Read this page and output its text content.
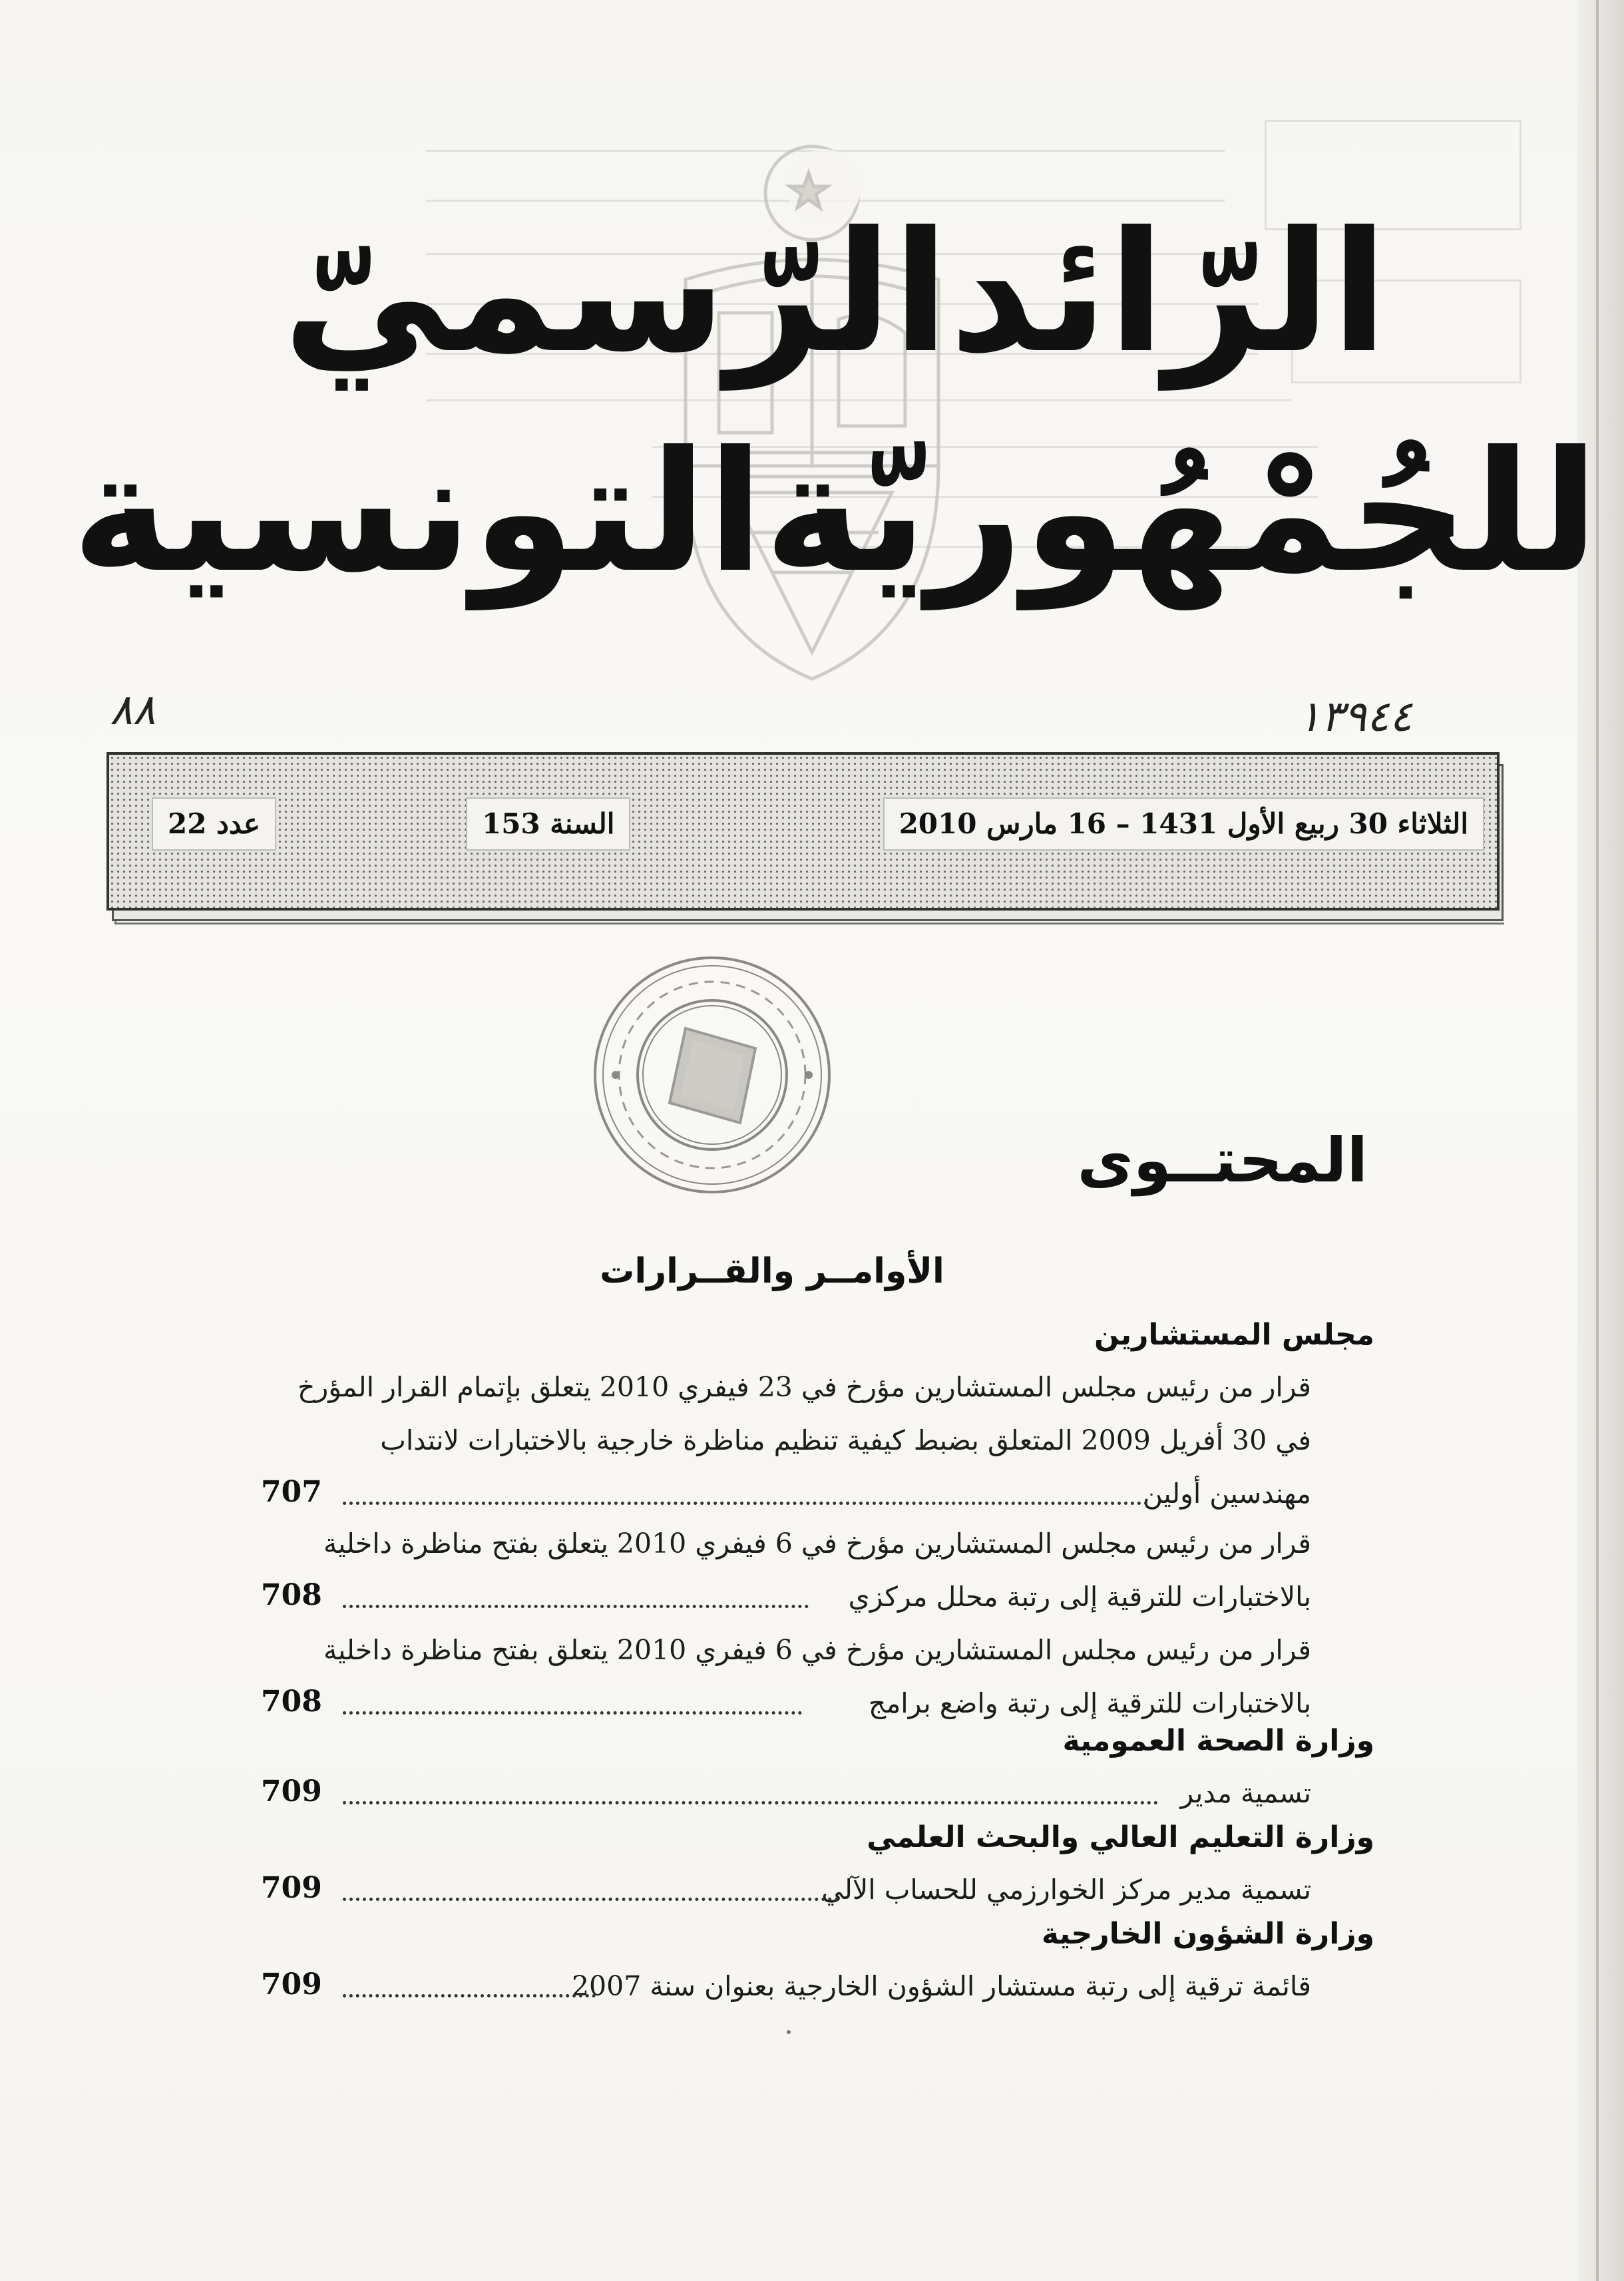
الرّائدالرّسميّ
للجُمْهُوريّةالتونسية
٨٨	١٣٩٤٤
الثلاثاء 30 ربيع الأول 1431 – 16 مارس 2010
السنة 153
عدد 22
المحتــوى
الأوامــر والقــرارات
مجلس المستشارين
قرار من رئيس مجلس المستشارين مؤرخ في 23 فيفري 2010 يتعلق بإتمام القرار المؤرخ
في 30 أفريل 2009 المتعلق بضبط كيفية تنظيم مناظرة خارجية بالاختبارات لانتداب
مهندسين أولين
707
قرار من رئيس مجلس المستشارين مؤرخ في 6 فيفري 2010 يتعلق بفتح مناظرة داخلية
بالاختبارات للترقية إلى رتبة محلل مركزي
708
قرار من رئيس مجلس المستشارين مؤرخ في 6 فيفري 2010 يتعلق بفتح مناظرة داخلية
بالاختبارات للترقية إلى رتبة واضع برامج
708
وزارة الصحة العمومية
تسمية مدير
709
وزارة التعليم العالي والبحث العلمي
تسمية مدير مركز الخوارزمي للحساب الآلي
709
وزارة الشؤون الخارجية
قائمة ترقية إلى رتبة مستشار الشؤون الخارجية بعنوان سنة 2007
709
